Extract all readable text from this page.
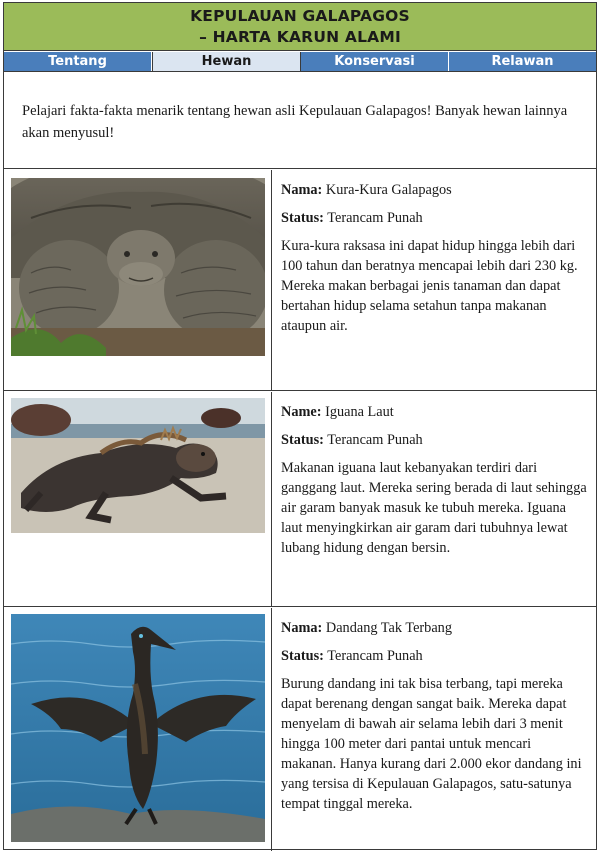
KEPULAUAN GALAPAGOS
– HARTA KARUN ALAMI
Tentang	Hewan	Konservasi	Relawan
Pelajari fakta-fakta menarik tentang hewan asli Kepulauan Galapagos! Banyak hewan lainnya akan menyusul!

Nama: Kura-Kura Galapagos

Status: Terancam Punah

Kura-kura raksasa ini dapat hidup hingga lebih dari 100 tahun dan beratnya mencapai lebih dari 230 kg. Mereka makan berbagai jenis tanaman dan dapat bertahan hidup selama setahun tanpa makanan ataupun air.

Name: Iguana Laut

Status: Terancam Punah

Makanan iguana laut kebanyakan terdiri dari ganggang laut. Mereka sering berada di laut sehingga air garam banyak masuk ke tubuh mereka. Iguana laut menyingkirkan air garam dari tubuhnya lewat lubang hidung dengan bersin.

Nama: Dandang Tak Terbang

Status: Terancam Punah

Burung dandang ini tak bisa terbang, tapi mereka dapat berenang dengan sangat baik. Mereka dapat menyelam di bawah air selama lebih dari 3 menit hingga 100 meter dari pantai untuk mencari makanan. Hanya kurang dari 2.000 ekor dandang ini yang tersisa di Kepulauan Galapagos, satu-satunya tempat tinggal mereka.
